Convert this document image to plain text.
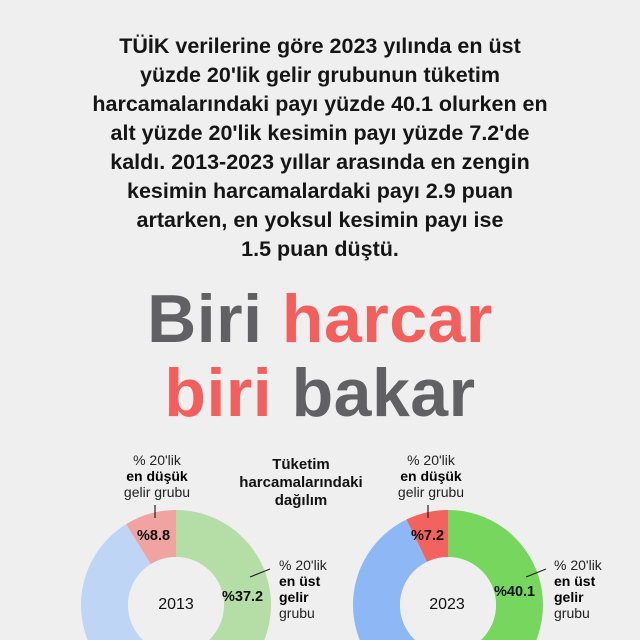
TÜİK verilerine göre 2023 yılında en üst
yüzde 20'lik gelir grubunun tüketim
harcamalarındaki payı yüzde 40.1 olurken en
alt yüzde 20'lik kesimin payı yüzde 7.2'de
kaldı. 2013-2023 yıllar arasında en zengin
kesimin harcamalardaki payı 2.9 puan
artarken, en yoksul kesimin payı ise
1.5 puan düştü.
Biri harcar
biri bakar
% 20'lik
en düşük
gelir grubu
% 20'lik
en üst
gelir
grubu
Tüketim
harcamalarındaki
dağılım
% 20'lik
en düşük
gelir grubu
% 20'lik
en üst
gelir
grubu
%8.8
%37.2
%7.2
%40.1
2013	2023
